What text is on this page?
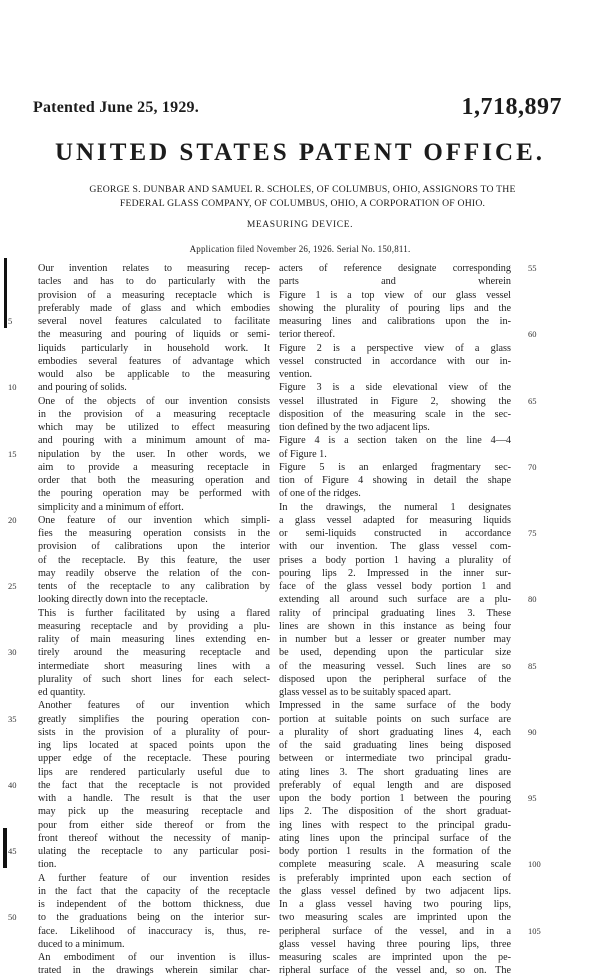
Patented June 25, 1929.	1,718,897
UNITED STATES PATENT OFFICE.
GEORGE S. DUNBAR AND SAMUEL R. SCHOLES, OF COLUMBUS, OHIO, ASSIGNORS TO THE
FEDERAL GLASS COMPANY, OF COLUMBUS, OHIO, A CORPORATION OF OHIO.
MEASURING DEVICE.
Application filed November 26, 1926. Serial No. 150,811.
Our invention relates to measuring recep-
tacles and has to do particularly with the
provision of a measuring receptacle which is
preferably made of glass and which embodies
several novel features calculated to facilitate
the measuring and pouring of liquids or semi-
liquids particularly in household work. It
embodies several features of advantage which
would also be applicable to the measuring
and pouring of solids.
One of the objects of our invention consists
in the provision of a measuring receptacle
which may be utilized to effect measuring
and pouring with a minimum amount of ma-
nipulation by the user. In other words, we
aim to provide a measuring receptacle in
order that both the measuring operation and
the pouring operation may be performed with
simplicity and a minimum of effort.
One feature of our invention which simpli-
fies the measuring operation consists in the
provision of calibrations upon the interior
of the receptacle. By this feature, the user
may readily observe the relation of the con-
tents of the receptacle to any calibration by
looking directly down into the receptacle.
This is further facilitated by using a flared
measuring receptacle and by providing a plu-
rality of main measuring lines extending en-
tirely around the measuring receptacle and
intermediate short measuring lines with a
plurality of such short lines for each select-
ed quantity.
Another features of our invention which
greatly simplifies the pouring operation con-
sists in the provision of a plurality of pour-
ing lips located at spaced points upon the
upper edge of the receptacle. These pouring
lips are rendered particularly useful due to
the fact that the receptacle is not provided
with a handle. The result is that the user
may pick up the measuring receptacle and
pour from either side thereof or from the
front thereof without the necessity of manip-
ulating the receptacle to any particular posi-
tion.
A further feature of our invention resides
in the fact that the capacity of the receptacle
is independent of the bottom thickness, due
to the graduations being on the interior sur-
face. Likelihood of inaccuracy is, thus, re-
duced to a minimum.
An embodiment of our invention is illus-
trated in the drawings wherein similar char-
acters of reference designate corresponding
parts and wherein
Figure 1 is a top view of our glass vessel
showing the plurality of pouring lips and the
measuring lines and calibrations upon the in-
terior thereof.
Figure 2 is a perspective view of a glass
vessel constructed in accordance with our in-
vention.
Figure 3 is a side elevational view of the
vessel illustrated in Figure 2, showing the
disposition of the measuring scale in the sec-
tion defined by the two adjacent lips.
Figure 4 is a section taken on the line 4—4
of Figure 1.
Figure 5 is an enlarged fragmentary sec-
tion of Figure 4 showing in detail the shape
of one of the ridges.
In the drawings, the numeral 1 designates
a glass vessel adapted for measuring liquids
or semi-liquids constructed in accordance
with our invention. The glass vessel com-
prises a body portion 1 having a plurality of
pouring lips 2. Impressed in the inner sur-
face of the glass vessel body portion 1 and
extending all around such surface are a plu-
rality of principal graduating lines 3. These
lines are shown in this instance as being four
in number but a lesser or greater number may
be used, depending upon the particular size
of the measuring vessel. Such lines are so
disposed upon the peripheral surface of the
glass vessel as to be suitably spaced apart.
Impressed in the same surface of the body
portion at suitable points on such surface are
a plurality of short graduating lines 4, each
of the said graduating lines being disposed
between or intermediate two principal gradu-
ating lines 3. The short graduating lines are
preferably of equal length and are disposed
upon the body portion 1 between the pouring
lips 2. The disposition of the short graduat-
ing lines with respect to the principal gradu-
ating lines upon the principal surface of the
body portion 1 results in the formation of the
complete measuring scale. A measuring scale
is preferably imprinted upon each section of
the glass vessel defined by two adjacent lips.
In a glass vessel having two pouring lips,
two measuring scales are imprinted upon the
peripheral surface of the vessel, and in a
glass vessel having three pouring lips, three
measuring scales are imprinted upon the pe-
ripheral surface of the vessel and, so on. The
5
10
15
20
25
30
35
40
45
50
55
60
65
70
75
80
85
90
95
100
105
